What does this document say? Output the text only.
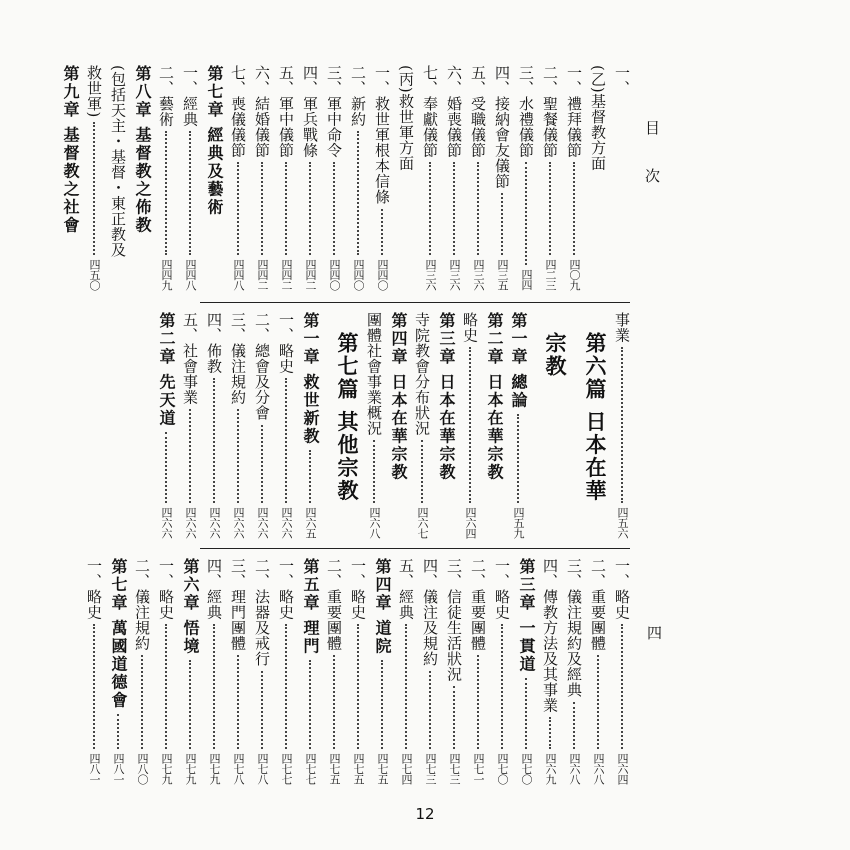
目 次
四
一、
(乙)基督教方面
一、禮拜儀節
四〇九
二、聖餐儀節
四二三
三、水禮儀節
四四
四、接納會友儀節
四三五
五、受職儀節
四三六
六、婚喪儀節
四三六
七、奉獻儀節
四三六
(丙)救世軍方面
一、救世軍根本信條
四四〇
二、新約
四四〇
三、軍中命令
四四〇
四、軍兵戰條
四四二
五、軍中儀節
四四二
六、結婚儀節
四四二
七、喪儀儀節
四四八
第七章 經典及藝術
一、經典
四四八
二、藝術
四四九
第八章 基督教之佈教
(包括天主・基督・東正教及
救世軍)
四五〇
第九章 基督教之社會
事業
四五六
第六篇 日本在華
宗教
第一章 總論
四五九
第二章 日本在華宗教
略史
四六四
第三章 日本在華宗教
寺院教會分布狀況
四六七
第四章 日本在華宗教
團體社會事業概況
四六八
第七篇 其他宗教
第一章 救世新教
四六五
一、略史
四六六
二、總會及分會
四六六
三、儀注規約
四六六
四、佈教
四六六
五、社會事業
四六六
第二章 先天道
四六六
一、略史
四六四
二、重要團體
四六八
三、儀注規約及經典
四六八
四、傳教方法及其事業
四六九
第三章 一貫道
四七〇
一、略史
四七〇
二、重要團體
四七一
三、信徒生活狀況
四七三
四、儀注及規約
四七三
五、經典
四七四
第四章 道院
四七五
一、略史
四七五
二、重要團體
四七五
第五章 理門
四七七
一、略史
四七七
二、法器及戒行
四七八
三、理門團體
四七八
四、經典
四七九
第六章 悟境
四七九
一、略史
四七九
二、儀注規約
四八〇
第七章 萬國道德會
四八一
一、略史
四八一
12
